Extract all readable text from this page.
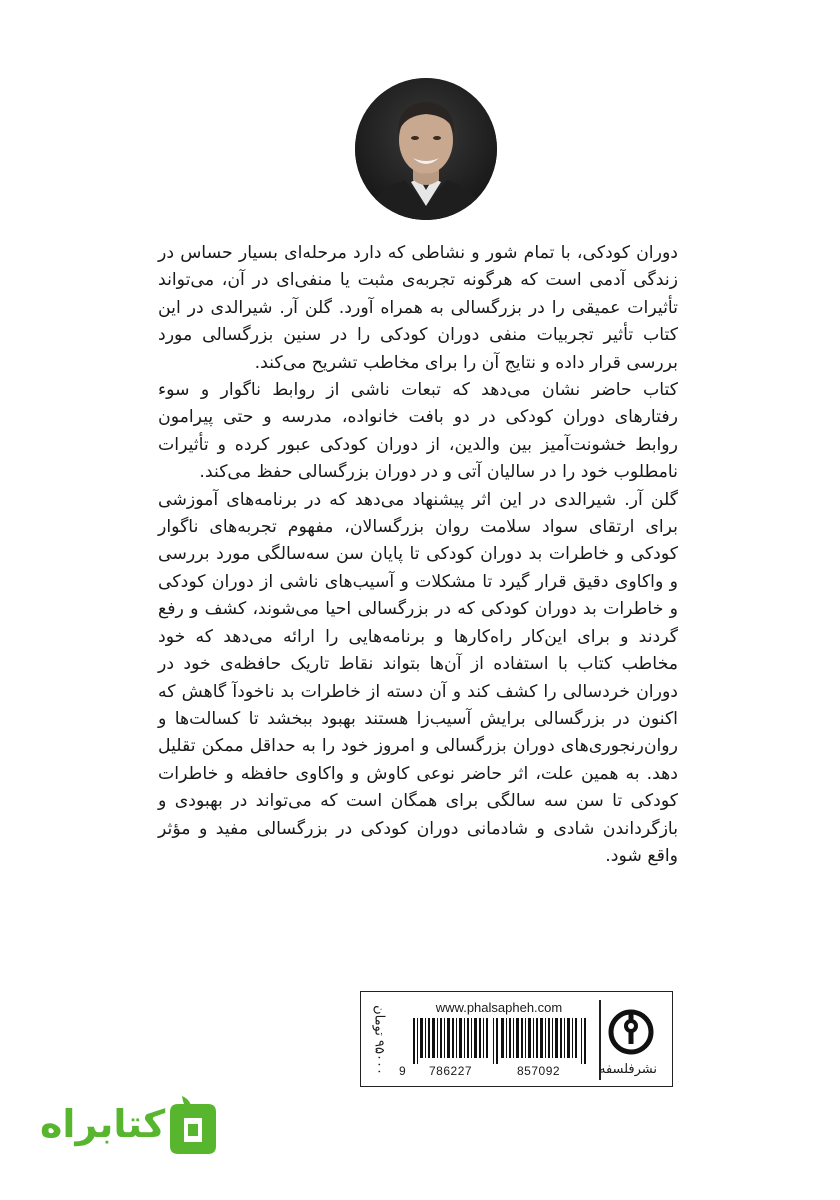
دوران کودکی، با تمام شور و نشاطی که دارد مرحله‌ای بسیار حساس در زندگی آدمی است که هرگونه تجربه‌ی مثبت یا منفی‌ای در آن، می‌تواند تأثیرات عمیقی را در بزرگسالی به همراه آورد. گلن آر. شیرالدی در این کتاب تأثیر تجربیات منفی دوران کودکی را در سنین بزرگسالی مورد بررسی قرار داده و نتایج آن را برای مخاطب تشریح می‌کند.

کتاب حاضر نشان می‌دهد که تبعات ناشی از روابط ناگوار و سوء رفتارهای دوران کودکی در دو بافت خانواده، مدرسه و حتی پیرامون روابط خشونت‌آمیز بین والدین، از دوران کودکی عبور کرده و تأثیرات نامطلوب خود را در سالیان آتی و در دوران بزرگسالی حفظ می‌کند.

گلن آر. شیرالدی در این اثر پیشنهاد می‌دهد که در برنامه‌های آموزشی برای ارتقای سواد سلامت روان بزرگسالان، مفهوم تجربه‌های ناگوار کودکی و خاطرات بد دوران کودکی تا پایان سن سه‌سالگی مورد بررسی و واکاوی دقیق قرار گیرد تا مشکلات و آسیب‌های ناشی از دوران کودکی و خاطرات بد دوران کودکی که در بزرگسالی احیا می‌شوند، کشف و رفع گردند و برای این‌کار راه‌کارها و برنامه‌هایی را ارائه می‌دهد که خود مخاطب کتاب با استفاده از آن‌ها بتواند نقاط تاریک حافظه‌ی خود در دوران خردسالی را کشف کند و آن دسته از خاطرات بد ناخودآ گاهش که اکنون در بزرگسالی برایش آسیب‌زا هستند بهبود ببخشد تا کسالت‌ها و روان‌رنجوری‌های دوران بزرگسالی و امروز خود را به حداقل ممکن تقلیل دهد. به همین علت، اثر حاضر نوعی کاوش و واکاوی حافظه و خاطرات کودکی تا سن سه سالگی برای همگان است که می‌تواند در بهبودی و بازگرداندن شادی و شادمانی دوران کودکی در بزرگسالی مفید و مؤثر واقع شود.

۹۵۰۰۰ تومان
www.phalsapheh.com
9 786227	857092	نشرفلسفه
کتابراه
